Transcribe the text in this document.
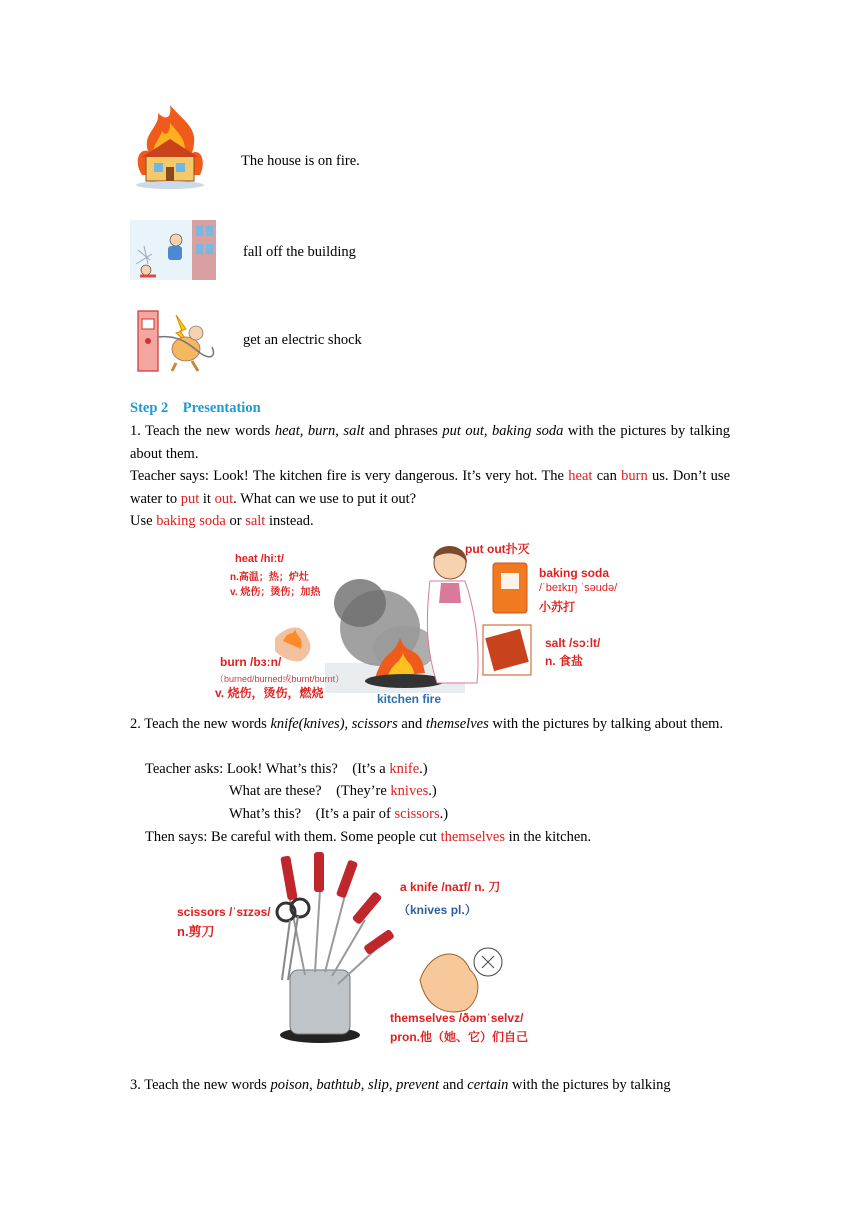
The house is on fire.
fall off the building
get an electric shock
Step 2　 Presentation
1. Teach the new words heat, burn, salt and phrases put out, baking soda with the pictures by talking about them.
Teacher says: Look! The kitchen fire is very dangerous. It’s very hot. The heat can burn us. Don’t use water to put it out. What can we use to put it out?
Use baking soda or salt instead.
heat /hiːt/
n.高温；热；炉灶
v. 烧伤；烫伤；加热
put out扑灭
baking soda
/ˈbeɪkɪŋ ˈsəudə/
小苏打
salt /sɔːlt/
n. 食盐
burn /bɜːn/
（burned/burned或burnt/burnt）
v. 烧伤，烫伤，燃烧	kitchen fire
2. Teach the new words knife(knives), scissors and themselves with the pictures by talking about them.
Teacher asks: Look! What’s this?　(It’s a knife.)
What are these?　(They’re knives.)
What’s this?　(It’s a pair of scissors.)
Then says: Be careful with them. Some people cut themselves in the kitchen.
scissors /ˈsɪzəs/
n.剪刀
a knife /naɪf/ n. 刀
（knives pl.）
themselves /ðəmˈselvz/
pron.他（她、它）们自己
3. Teach the new words poison, bathtub, slip, prevent and certain with the pictures by talking
